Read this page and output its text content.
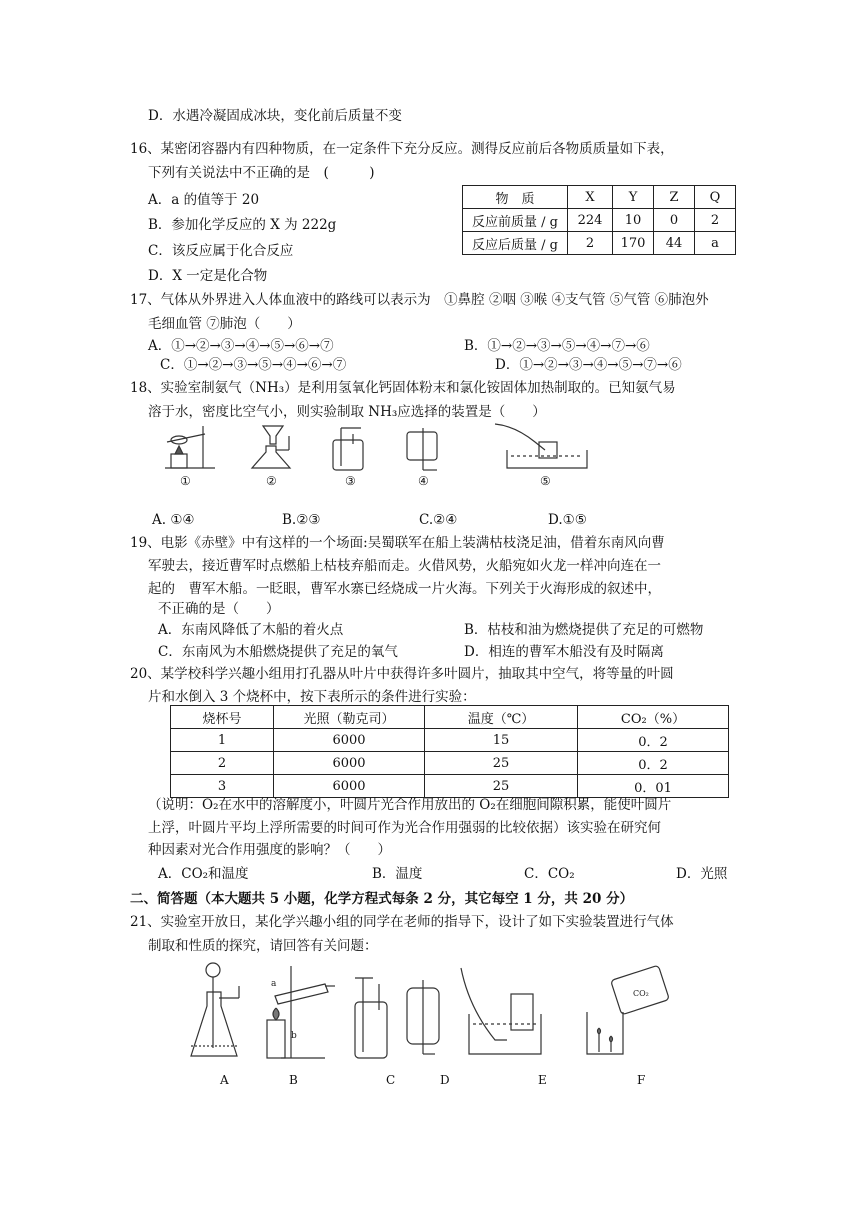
D．水遇冷凝固成冰块，变化前后质量不变
16、某密闭容器内有四种物质，在一定条件下充分反应。测得反应前后各物质质量如下表，
下列有关说法中不正确的是　(　　　)
A．a 的值等于 20
B．参加化学反应的 X 为 222g
C．该反应属于化合反应
D．X 一定是化合物
物　质	X	Y	Z	Q
反应前质量 / g	224	10	0	2
反应后质量 / g	2	170	44	a
17、气体从外界进入人体血液中的路线可以表示为　①鼻腔 ②咽 ③喉 ④支气管 ⑤气管 ⑥肺泡外
毛细血管 ⑦肺泡（　　）
A．①→②→③→④→⑤→⑥→⑦	B．①→②→③→⑤→④→⑦→⑥
C．①→②→③→⑤→④→⑥→⑦	D．①→②→③→④→⑤→⑦→⑥
18、实验室制氨气（NH₃）是利用氢氧化钙固体粉末和氯化铵固体加热制取的。已知氨气易
溶于水，密度比空气小，则实验制取 NH₃应选择的装置是（　　）
①	②	③	④	⑤
A. ①④	B.②③	C.②④	D.①⑤
19、电影《赤壁》中有这样的一个场面:吴蜀联军在船上装满枯枝浇足油，借着东南风向曹
军驶去，接近曹军时点燃船上枯枝弃船而走。火借风势，火船宛如火龙一样冲向连在一
起的　曹军木船。一眨眼，曹军水寨已经烧成一片火海。下列关于火海形成的叙述中，
不正确的是（　　）
A．东南风降低了木船的着火点	B．枯枝和油为燃烧提供了充足的可燃物
C．东南风为木船燃烧提供了充足的氧气	D．相连的曹军木船没有及时隔离
20、某学校科学兴趣小组用打孔器从叶片中获得许多叶圆片，抽取其中空气，将等量的叶圆
片和水倒入 3 个烧杯中，按下表所示的条件进行实验：
烧杯号	光照（勒克司）	温度（℃）	CO₂（%）
1	6000	15	0．2
2	6000	25	0．2
3	6000	25	0．01
（说明：O₂在水中的溶解度小，叶圆片光合作用放出的 O₂在细胞间隙积累，能使叶圆片
上浮，叶圆片平均上浮所需要的时间可作为光合作用强弱的比较依据）该实验在研究何
种因素对光合作用强度的影响？（　　）
A．CO₂和温度	B．温度	C．CO₂	D．光照
二、简答题（本大题共 5 小题，化学方程式每条 2 分，其它每空 1 分，共 20 分）
21、实验室开放日，某化学兴趣小组的同学在老师的指导下，设计了如下实验装置进行气体
制取和性质的探究，请回答有关问题：
a
b
CO₂
A	B	C	D	E	F
